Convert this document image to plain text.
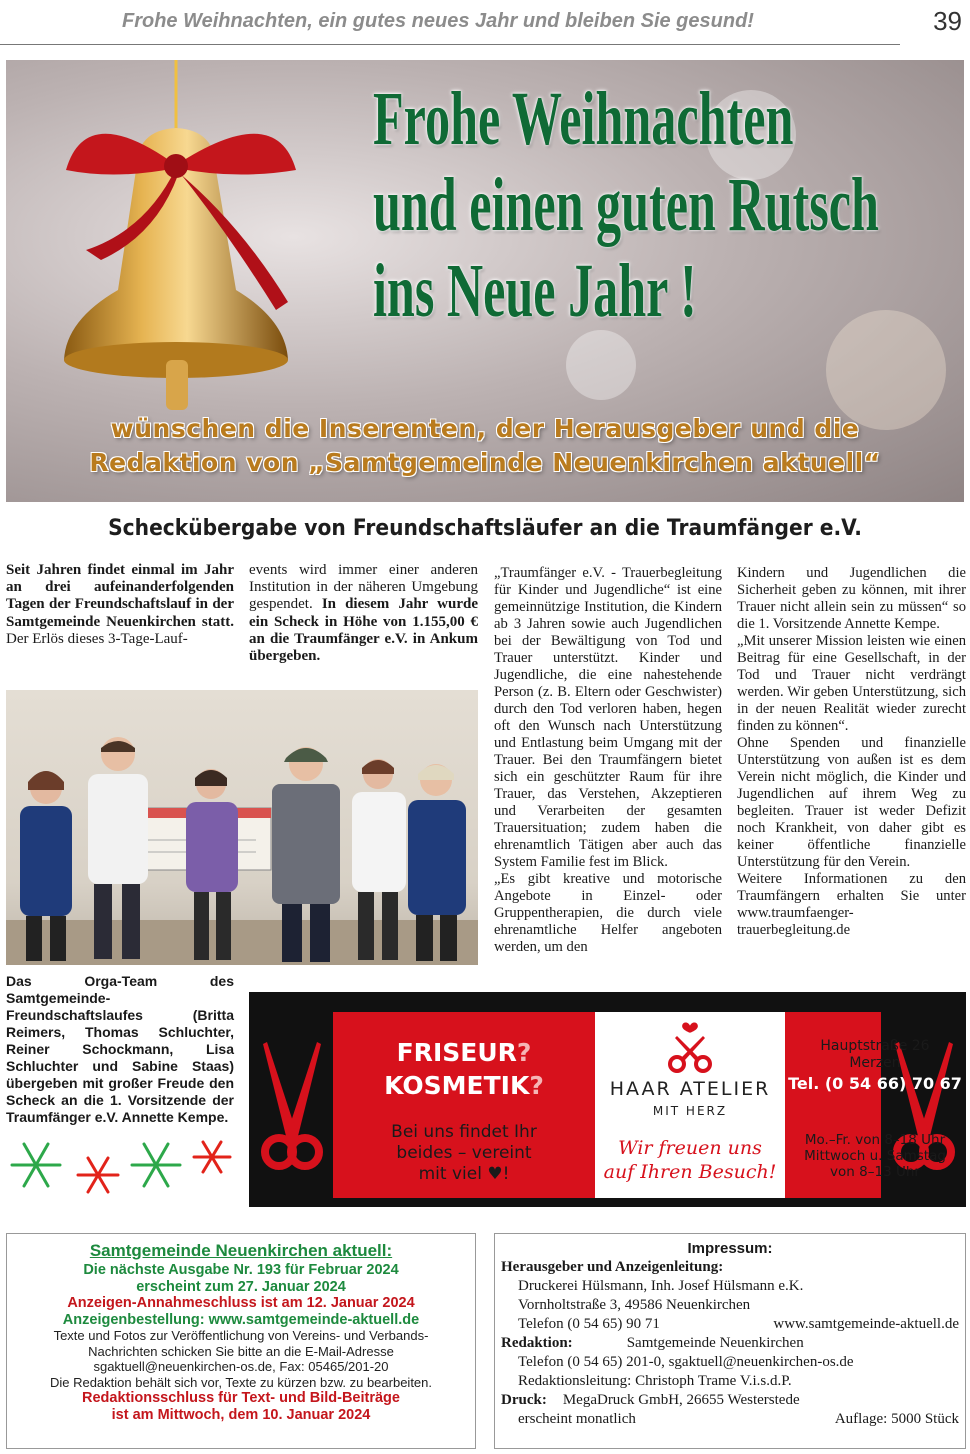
Frohe Weihnachten, ein gutes neues Jahr und bleiben Sie gesund!	39
Frohe Weihnachten
und einen guten Rutsch
ins Neue Jahr !
wünschen die Inserenten, der Herausgeber und die
Redaktion von „Samtgemeinde Neuenkirchen aktuell“
Scheckübergabe von Freundschaftsläufer an die Traumfänger e.V.

Seit Jahren findet einmal im Jahr an drei aufeinanderfolgenden Tagen der Freundschaftslauf in der Samtgemeinde Neuenkirchen statt. Der Erlös dieses 3-Tage-Lauf-

events wird immer einer anderen Institution in der näheren Umgebung gespendet. In diesem Jahr wurde ein Scheck in Höhe von 1.155,00 € an die Traumfänger e.V. in Ankum übergeben.

„Traumfänger e.V. - Trauerbegleitung für Kinder und Jugendliche“ ist eine gemeinnützige Institution, die Kindern ab 3 Jahren sowie auch Jugendlichen bei der Bewältigung von Tod und Trauer unterstützt. Kinder und Jugendliche, die eine nahestehende Person (z. B. Eltern oder Geschwister) durch den Tod verloren haben, hegen oft den Wunsch nach Unterstützung und Entlastung beim Umgang mit der Trauer. Bei den Traumfängern bietet sich ein geschützter Raum für ihre Trauer, das Verstehen, Akzeptieren und Verarbeiten der gesamten Trauersituation; zudem haben die ehrenamtlich Tätigen aber auch das System Familie fest im Blick.

„Es gibt kreative und motorische Angebote in Einzel- oder Gruppentherapien, die durch viele ehrenamtliche Helfer angeboten werden, um den

Kindern und Jugendlichen die Sicherheit geben zu können, mit ihrer Trauer nicht allein sein zu müssen“ so die 1. Vorsitzende Annette Kempe.

„Mit unserer Mission leisten wie einen Beitrag für eine Gesellschaft, in der Tod und Trauer nicht verdrängt werden. Wir geben Unterstützung, sich in der neuen Realität wieder zurecht finden zu können“.

Ohne Spenden und finanzielle Unterstützung von außen ist es dem Verein nicht möglich, die Kinder und Jugendlichen auf ihrem Weg zu begleiten. Trauer ist weder Defizit noch Krankheit, von daher gibt es keiner öffentliche finanzielle Unterstützung für den Verein.

Weitere Informationen zu den Traumfängern erhalten Sie unter www.traumfaenger-trauerbegleitung.de

Das Orga-Team des Samtgemeinde-Freundschaftslaufes (Britta Reimers, Thomas Schluchter, Reiner Schockmann, Lisa Schluchter und Sabine Staas) übergeben mit großer Freude den Scheck an die 1. Vorsitzende der Traumfänger e.V. Annette Kempe.
FRISEUR?
KOSMETIK?
Bei uns findet Ihr
beides – vereint
mit viel ♥!
HAAR ATELIER
MIT HERZ
Wir freuen uns
auf Ihren Besuch!
Hauptstraße 26
Merzen
Tel. (0 54 66) 70 67
Mo.–Fr. von 8–18 Uhr
Mittwoch u. Samstag
von 8–13 Uhr
Samtgemeinde Neuenkirchen aktuell:
Die nächste Ausgabe Nr. 193 für Februar 2024
erscheint zum 27. Januar 2024
Anzeigen-Annahmeschluss ist am 12. Januar 2024
Anzeigenbestellung: www.samtgemeinde-aktuell.de
Texte und Fotos zur Veröffentlichung von Vereins- und Verbands-
Nachrichten schicken Sie bitte an die E-Mail-Adresse
sgaktuell@neuenkirchen-os.de, Fax: 05465/201-20
Die Redaktion behält sich vor, Texte zu kürzen bzw. zu bearbeiten.
Redaktionsschluss für Text- und Bild-Beiträge
ist am Mittwoch, dem 10. Januar 2024
Impressum:
Herausgeber und Anzeigenleitung:
Druckerei Hülsmann, Inh. Josef Hülsmann e.K.
Vornholtstraße 3, 49586 Neuenkirchen
Telefon (0 54 65) 90 71	www.samtgemeinde-aktuell.de
Redaktion:	Samtgemeinde Neuenkirchen
Telefon (0 54 65) 201-0, sgaktuell@neuenkirchen-os.de
Redaktionsleitung: Christoph Trame V.i.s.d.P.
Druck: MegaDruck GmbH, 26655 Westerstede
erscheint monatlich	Auflage: 5000 Stück
